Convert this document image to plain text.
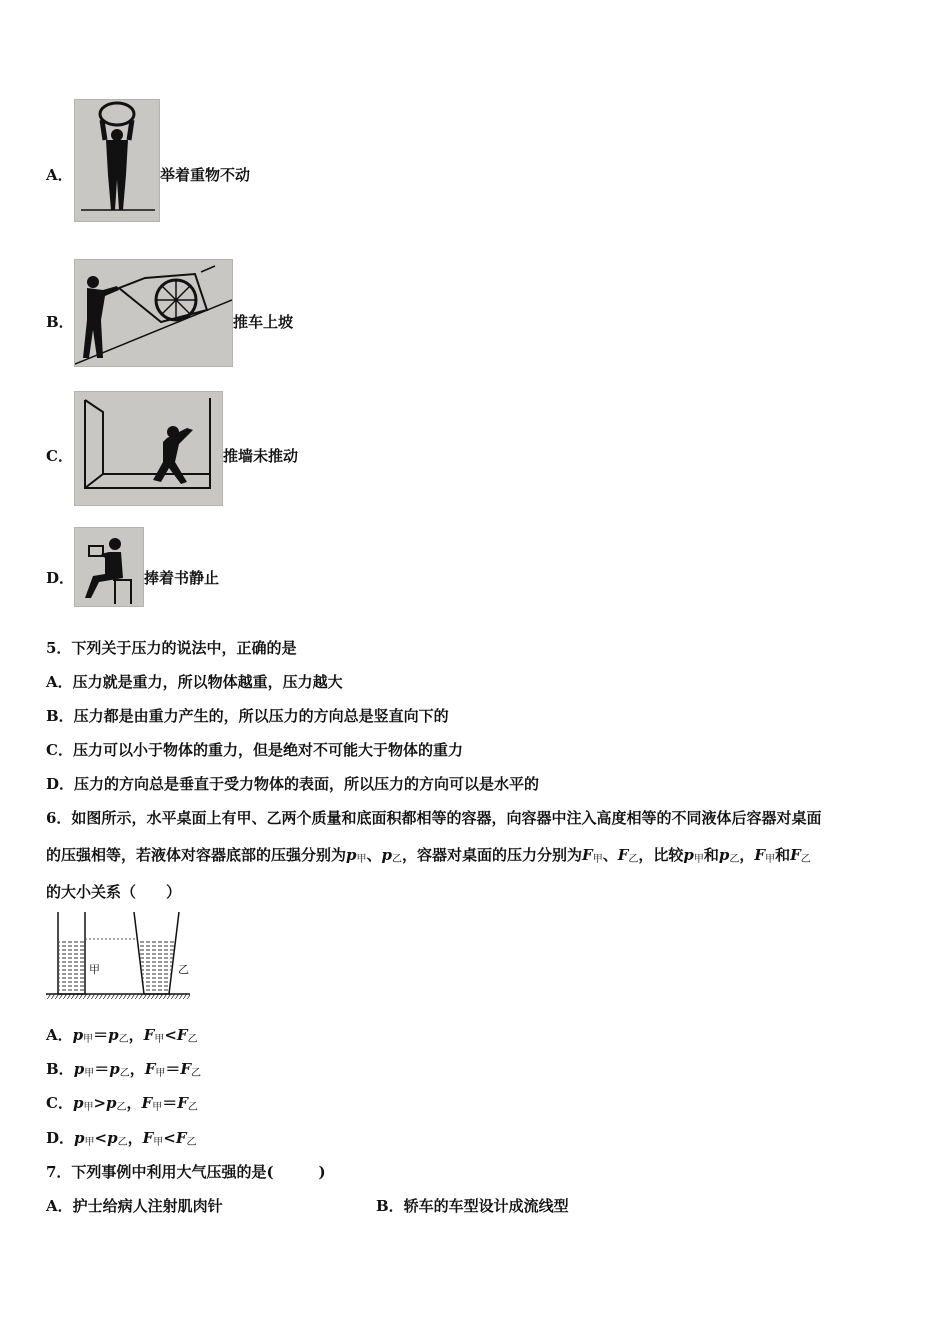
A．	举着重物不动
B．	推车上坡
C．	推墙未推动
D．	捧着书静止
5．下列关于压力的说法中，正确的是
A．压力就是重力，所以物体越重，压力越大
B．压力都是由重力产生的，所以压力的方向总是竖直向下的
C．压力可以小于物体的重力，但是绝对不可能大于物体的重力
D．压力的方向总是垂直于受力物体的表面，所以压力的方向可以是水平的
6．如图所示，水平桌面上有甲、乙两个质量和底面积都相等的容器，向容器中注入高度相等的不同液体后容器对桌面
的压强相等，若液体对容器底部的压强分别为$p_甲$、$p_乙$，容器对桌面的压力分别为$F_甲$、$F_乙$，比较$p_甲$和$p_乙$，$F_甲$和$F_乙$
的大小关系（　　）
甲	乙
A．$p_甲=p_乙$，$F_甲<F_乙$
B．$p_甲=p_乙$，$F_甲=F_乙$
C．$p_甲>p_乙$，$F_甲=F_乙$
D．$p_甲<p_乙$，$F_甲<F_乙$
7．下列事例中利用大气压强的是(　　　)
A．护士给病人注射肌肉针	B．轿车的车型设计成流线型
